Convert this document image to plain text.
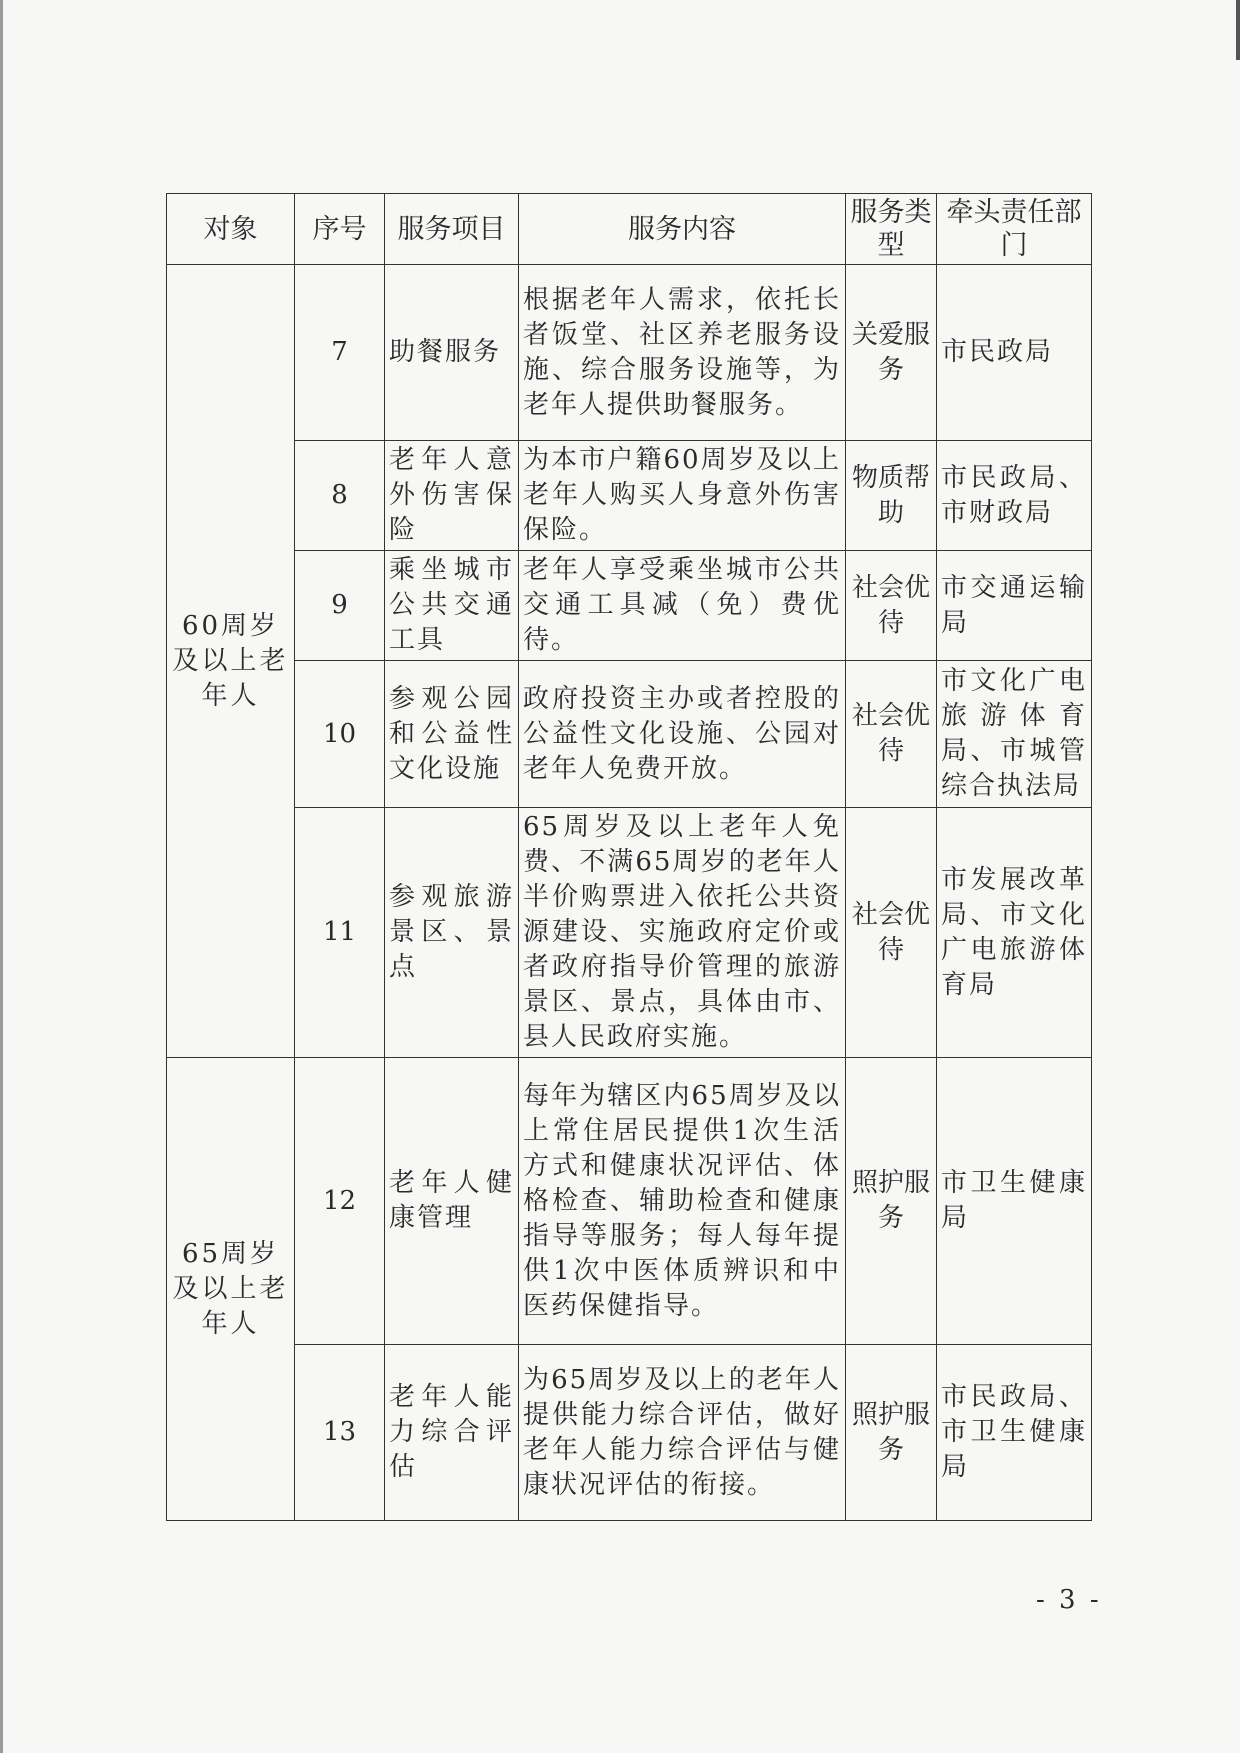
对象	序号	服务项目	服务内容	服务类型	牵头责任部门
60周岁及以上老年人	7	助餐服务	根据老年人需求，依托长者饭堂、社区养老服务设施、综合服务设施等，为老年人提供助餐服务。	关爱服务	市民政局
	8	老年人意外伤害保险	为本市户籍60周岁及以上老年人购买人身意外伤害保险。	物质帮助	市民政局、市财政局
	9	乘坐城市公共交通工具	老年人享受乘坐城市公共交通工具减（免）费优待。	社会优待	市交通运输局
	10	参观公园和公益性文化设施	政府投资主办或者控股的公益性文化设施、公园对老年人免费开放。	社会优待	市文化广电旅游体育局、市城管综合执法局
	11	参观旅游景区、景点	65周岁及以上老年人免费、不满65周岁的老年人半价购票进入依托公共资源建设、实施政府定价或者政府指导价管理的旅游景区、景点，具体由市、县人民政府实施。	社会优待	市发展改革局、市文化广电旅游体育局
65周岁及以上老年人	12	老年人健康管理	每年为辖区内65周岁及以上常住居民提供1次生活方式和健康状况评估、体格检查、辅助检查和健康指导等服务；每人每年提供1次中医体质辨识和中医药保健指导。	照护服务	市卫生健康局
	13	老年人能力综合评估	为65周岁及以上的老年人提供能力综合评估，做好老年人能力综合评估与健康状况评估的衔接。	照护服务	市民政局、市卫生健康局
- 3 -
